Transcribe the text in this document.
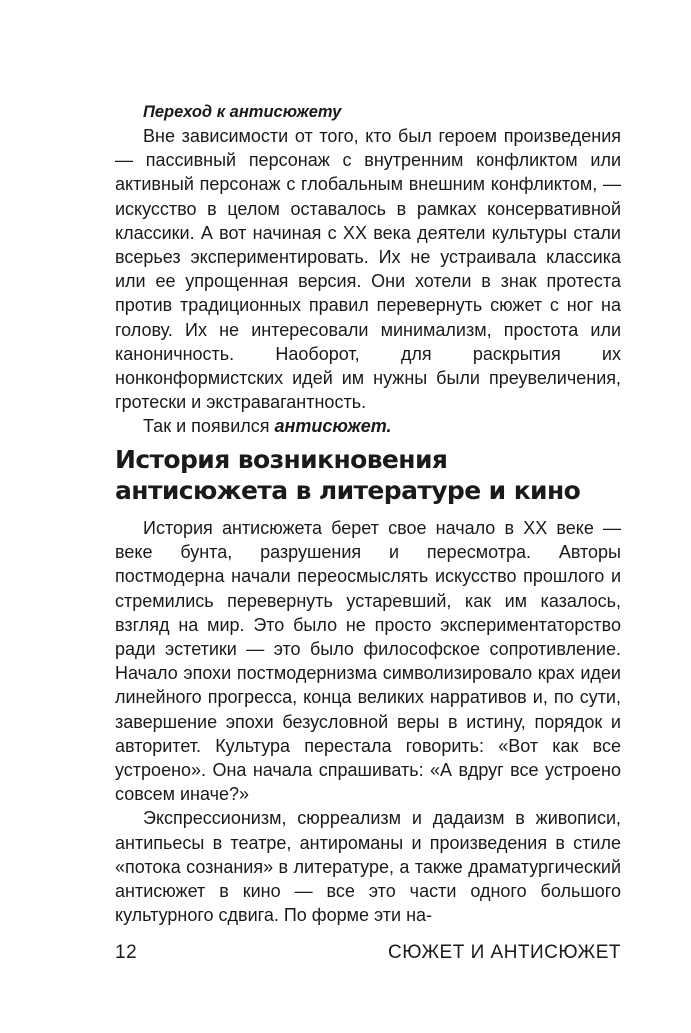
Переход к антисюжету

Вне зависимости от того, кто был героем произведения — пассивный персонаж с внутренним конфликтом или активный персонаж с глобальным внешним конфликтом, — искусство в целом оставалось в рамках консервативной классики. А вот начиная с XX века деятели культуры стали всерьез экспериментировать. Их не устраивала классика или ее упрощенная версия. Они хотели в знак протеста против традиционных правил перевернуть сюжет с ног на голову. Их не интересовали минимализм, простота или каноничность. Наоборот, для раскрытия их нонконформистских идей им нужны были преувеличения, гротески и экстравагантность.

Так и появился антисюжет.

История возникновения
антисюжета в литературе и кино

История антисюжета берет свое начало в XX веке — веке бунта, разрушения и пересмотра. Авторы постмодерна начали переосмыслять искусство прошлого и стремились перевернуть устаревший, как им казалось, взгляд на мир. Это было не просто экспериментаторство ради эстетики — это было философское сопротивление. Начало эпохи постмодернизма символизировало крах идеи линейного прогресса, конца великих нарративов и, по сути, завершение эпохи безусловной веры в истину, порядок и авторитет. Культура перестала говорить: «Вот как все устроено». Она начала спрашивать: «А вдруг все устроено совсем иначе?»

Экспрессионизм, сюрреализм и дадаизм в живописи, антипьесы в театре, антироманы и произведения в стиле «потока сознания» в литературе, а также драматургический антисюжет в кино — все это части одного большого культурного сдвига. По форме эти на-

12	СЮЖЕТ И АНТИСЮЖЕТ
